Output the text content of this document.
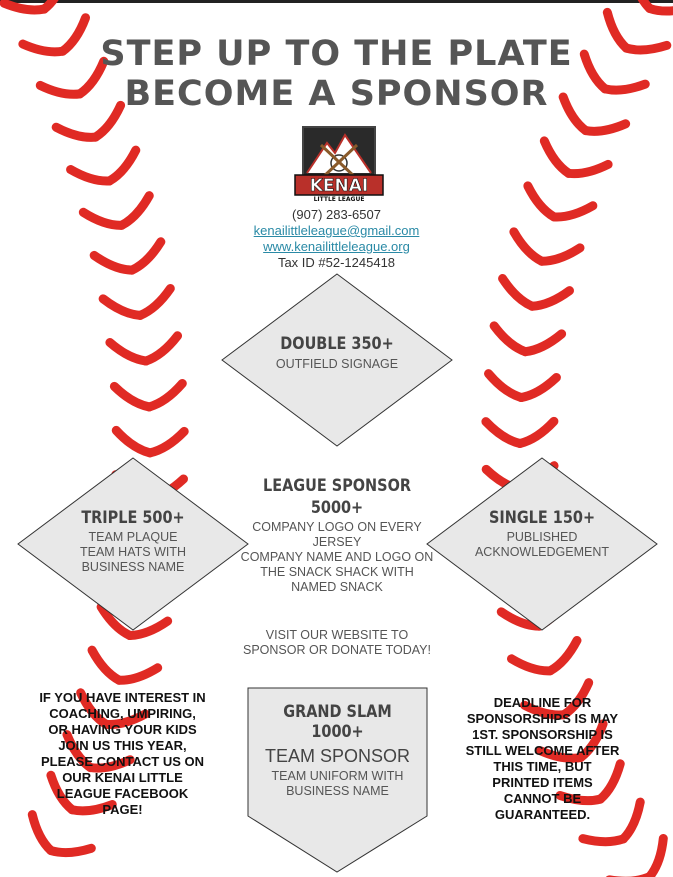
STEP UP TO THE PLATE
BECOME A SPONSOR
KENAI
LITTLE LEAGUE
(907) 283-6507
kenailittleleague@gmail.com
www.kenailittleleague.org
Tax ID #52-1245418
DOUBLE 350+
OUTFIELD SIGNAGE
TRIPLE 500+
TEAM PLAQUE
TEAM HATS WITH
BUSINESS NAME
SINGLE 150+
PUBLISHED
ACKNOWLEDGEMENT
LEAGUE SPONSOR
5000+
COMPANY LOGO ON EVERY
JERSEY
COMPANY NAME AND LOGO ON
THE SNACK SHACK WITH
NAMED SNACK
VISIT OUR WEBSITE TO
SPONSOR OR DONATE TODAY!
GRAND SLAM 1000+
TEAM SPONSOR
TEAM UNIFORM WITH
BUSINESS NAME
IF YOU HAVE INTEREST IN
COACHING, UMPIRING,
OR HAVING YOUR KIDS
JOIN US THIS YEAR,
PLEASE CONTACT US ON
OUR KENAI LITTLE
LEAGUE FACEBOOK
PAGE!
DEADLINE FOR
SPONSORSHIPS IS MAY
1ST. SPONSORSHIP IS
STILL WELCOME AFTER
THIS TIME, BUT
PRINTED ITEMS
CANNOT BE
GUARANTEED.
